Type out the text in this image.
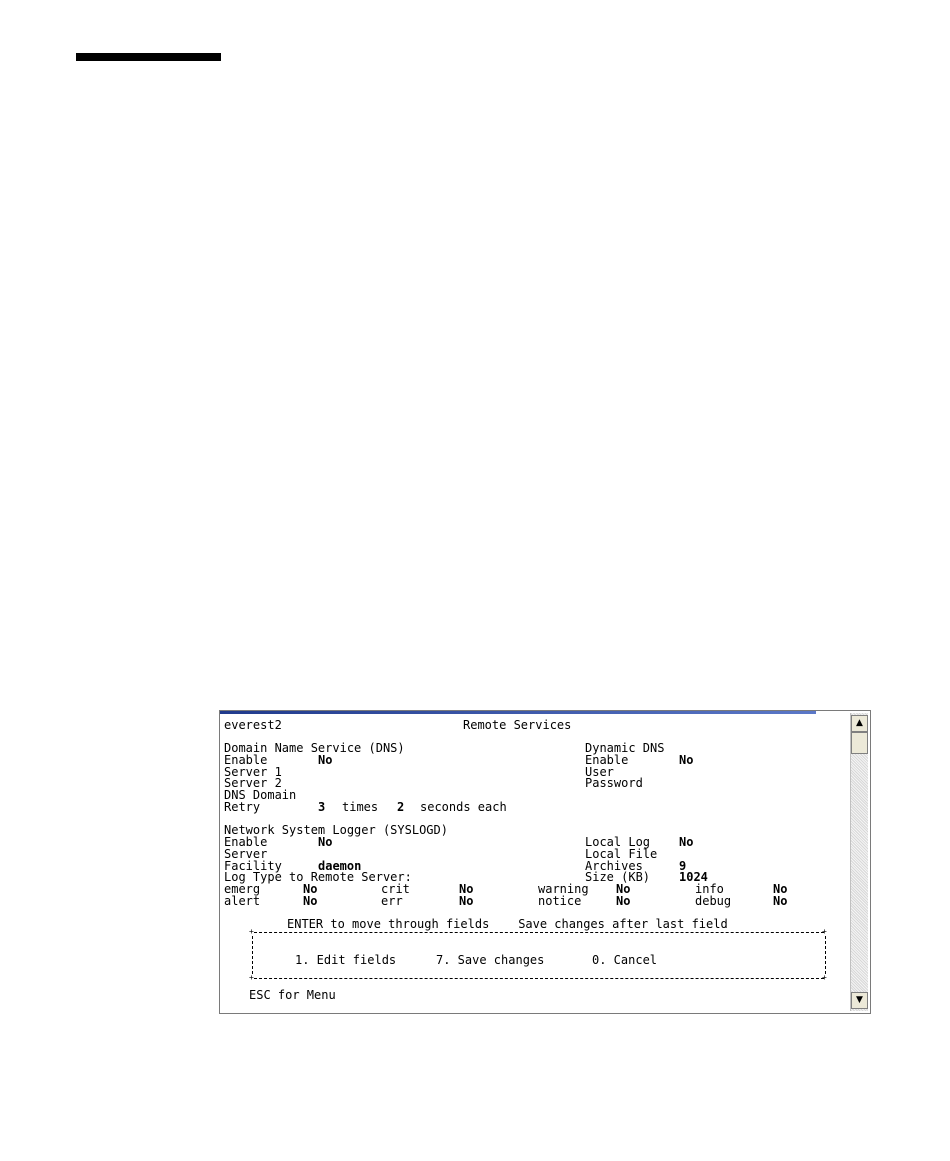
everest2	Remote Services
Domain Name Service (DNS)
Enable	No
Server 1
Server 2
DNS Domain
Retry	3 times 2 seconds each
Dynamic DNS
Enable	No
User
Password
Network System Logger (SYSLOGD)
Enable	No
Server
Facility	daemon
Log Type to Remote Server:
Local Log No
Local File
Archives	9
Size (KB) 1024
emerg	No	crit	No	warning No	info	No
alert	No	err	No	notice	No	debug	No
ENTER to move through fields    Save changes after last field
+	+
+	+
1. Edit fields	7. Save changes	0. Cancel
ESC for Menu
▲
▼
